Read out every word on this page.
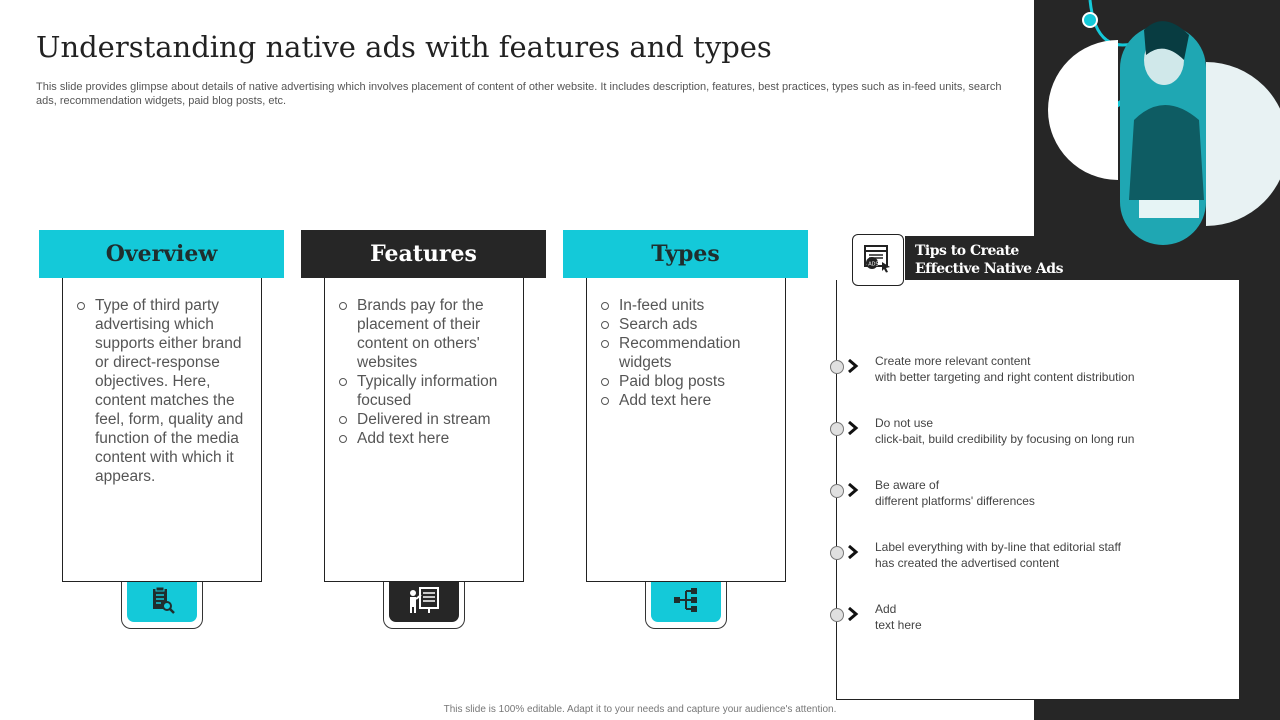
Understanding native ads with features and types

This slide provides glimpse about details of native advertising which involves placement of content of other website. It includes description, features, best practices, types such as in-feed units, search ads, recommendation widgets, paid blog posts, etc.

Overview
Type of third party advertising which supports either brand or direct-response objectives. Here, content matches the feel, form, quality and function of the media content with which it appears.
Features
Brands pay for the placement of their content on others' websites
Typically information focused
Delivered in stream
Add text here
Types
In-feed units
Search ads
Recommendation widgets
Paid blog posts
Add text here

Tips to Create
Effective Native Ads

ADS
Create more relevant content
with better targeting and right content distribution
Do not use
click-bait, build credibility by focusing on long run
Be aware of
different platforms' differences
Label everything with by-line that editorial staff
has created the advertised content
Add
text here
This slide is 100% editable. Adapt it to your needs and capture your audience's attention.
